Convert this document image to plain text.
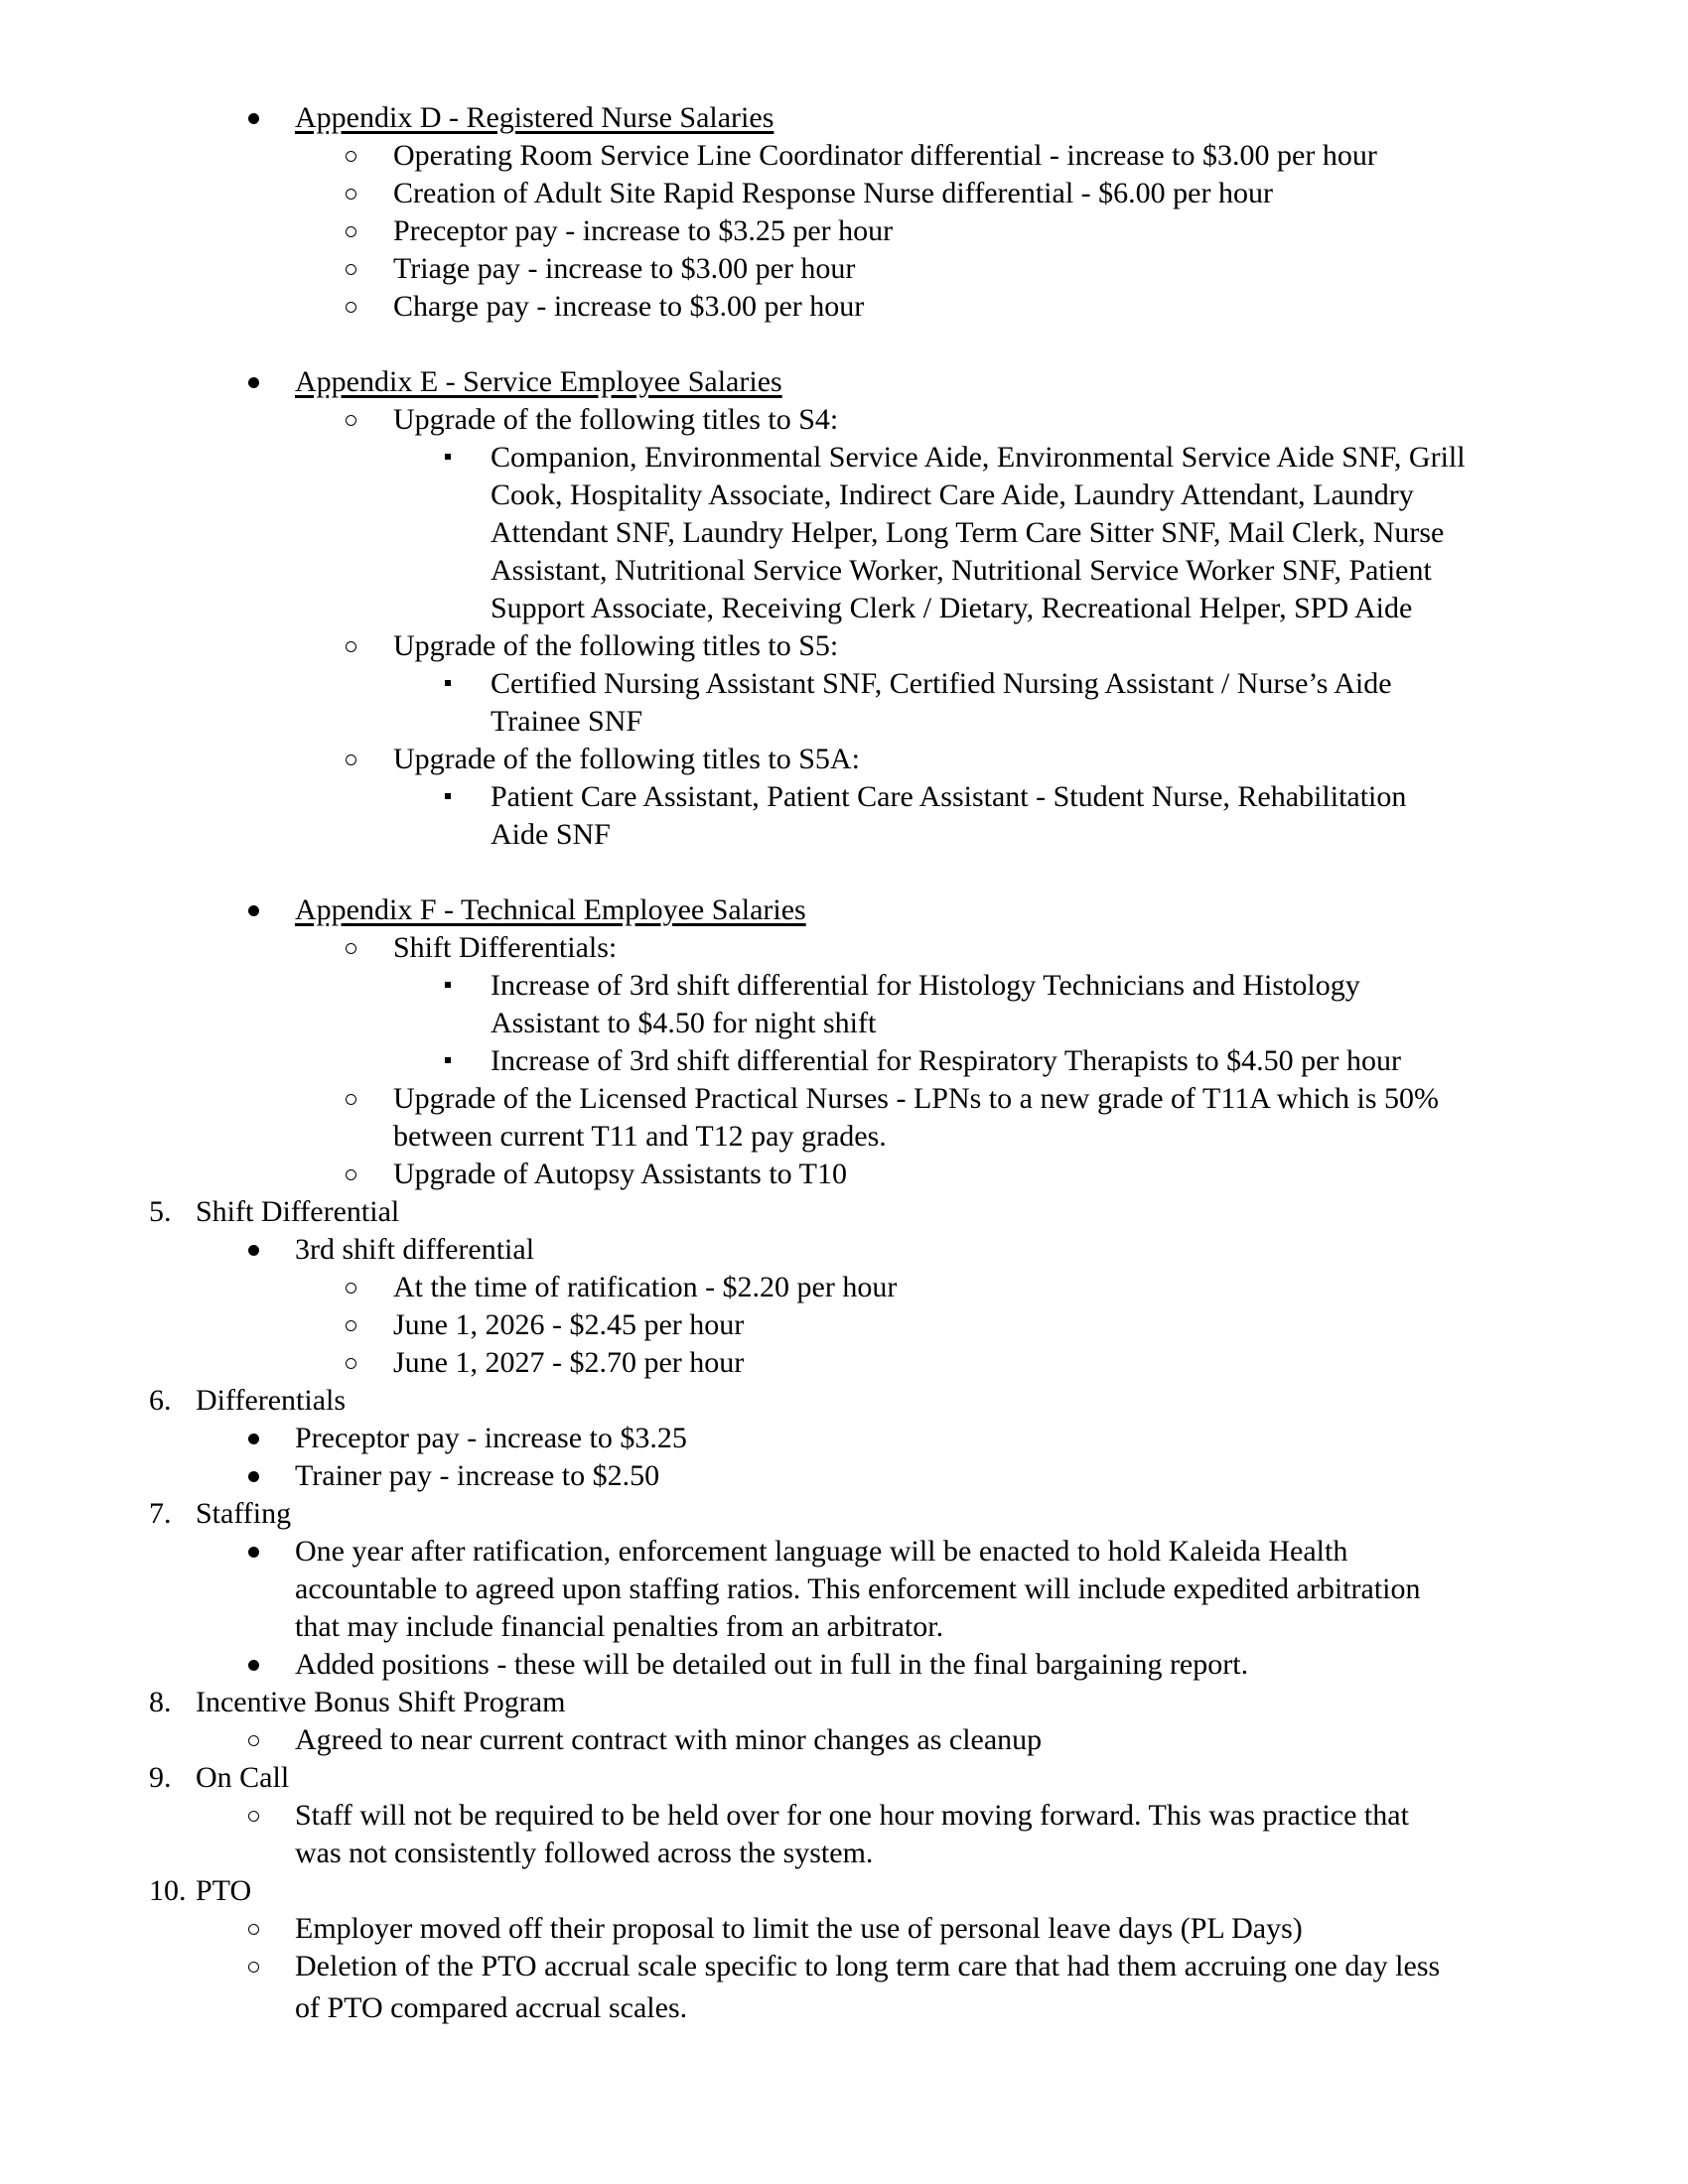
Appendix D - Registered Nurse Salaries
Operating Room Service Line Coordinator differential - increase to $3.00 per hour
Creation of Adult Site Rapid Response Nurse differential - $6.00 per hour
Preceptor pay - increase to $3.25 per hour
Triage pay - increase to $3.00 per hour
Charge pay - increase to $3.00 per hour
Appendix E - Service Employee Salaries
Upgrade of the following titles to S4:
Companion, Environmental Service Aide, Environmental Service Aide SNF, Grill
Cook, Hospitality Associate, Indirect Care Aide, Laundry Attendant, Laundry
Attendant SNF, Laundry Helper, Long Term Care Sitter SNF, Mail Clerk, Nurse
Assistant, Nutritional Service Worker, Nutritional Service Worker SNF, Patient
Support Associate, Receiving Clerk / Dietary, Recreational Helper, SPD Aide
Upgrade of the following titles to S5:
Certified Nursing Assistant SNF, Certified Nursing Assistant / Nurse’s Aide
Trainee SNF
Upgrade of the following titles to S5A:
Patient Care Assistant, Patient Care Assistant - Student Nurse, Rehabilitation
Aide SNF
Appendix F - Technical Employee Salaries
Shift Differentials:
Increase of 3rd shift differential for Histology Technicians and Histology
Assistant to $4.50 for night shift
Increase of 3rd shift differential for Respiratory Therapists to $4.50 per hour
Upgrade of the Licensed Practical Nurses - LPNs to a new grade of T11A which is 50%
between current T11 and T12 pay grades.
Upgrade of Autopsy Assistants to T10
5. Shift Differential
3rd shift differential
At the time of ratification - $2.20 per hour
June 1, 2026 - $2.45 per hour
June 1, 2027 - $2.70 per hour
6. Differentials
Preceptor pay - increase to $3.25
Trainer pay - increase to $2.50
7. Staffing
One year after ratification, enforcement language will be enacted to hold Kaleida Health
accountable to agreed upon staffing ratios. This enforcement will include expedited arbitration
that may include financial penalties from an arbitrator.
Added positions - these will be detailed out in full in the final bargaining report.
8. Incentive Bonus Shift Program
Agreed to near current contract with minor changes as cleanup
9. On Call
Staff will not be required to be held over for one hour moving forward. This was practice that
was not consistently followed across the system.
10. PTO
Employer moved off their proposal to limit the use of personal leave days (PL Days)
Deletion of the PTO accrual scale specific to long term care that had them accruing one day less
of PTO compared accrual scales.
